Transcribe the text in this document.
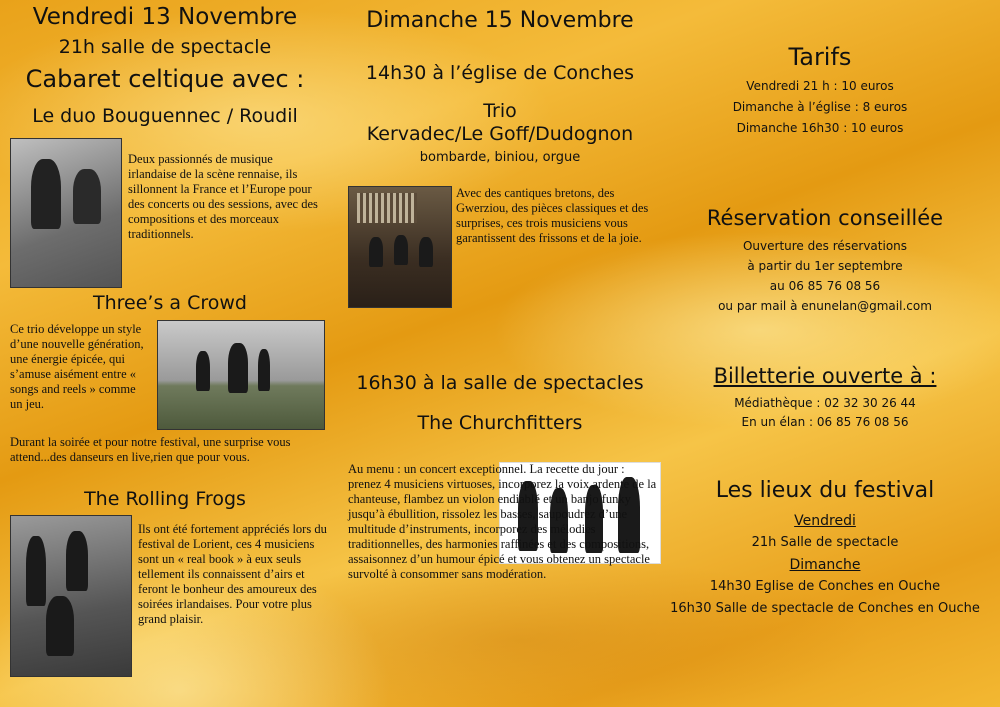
Vendredi 13 Novembre
21h salle de spectacle
Cabaret celtique avec :
Le duo Bouguennec / Roudil

Deux passionnés de musique irlandaise de la scène rennaise, ils sillonnent la France et l’Europe pour des concerts ou des sessions, avec des compositions et des morceaux traditionnels.

Three’s a Crowd

Ce trio développe un style d’une nouvelle génération, une énergie épicée, qui s’amuse aisément entre « songs and reels » comme un jeu.

Durant la soirée et pour notre festival, une surprise vous attend...des danseurs en live,rien que pour vous.

The Rolling Frogs

Ils ont été fortement appréciés lors du festival de Lorient, ces 4 musiciens sont un « real book » à eux seuls tellement ils connaissent d’airs et feront le bonheur des amoureux des soirées irlandaises. Pour votre plus grand plaisir.

Dimanche 15 Novembre
14h30 à l’église de Conches
Trio
Kervadec/Le Goff/Dudognon
bombarde, biniou, orgue

Avec des cantiques bretons, des Gwerziou, des pièces classiques et des surprises, ces trois musiciens vous garantissent des frissons et de la joie.

16h30 à la salle de spectacles
The Churchfitters

Au menu : un concert exceptionnel. La recette du jour : prenez 4 musiciens virtuoses, incorporez la voix ardente de la chanteuse, flambez un violon endiablé et un banjo funky jusqu’à ébullition, rissolez les basses, saupoudrez d’une multitude d’instruments, incorporez des mélodies traditionnelles, des harmonies raffinées et des compositions, assaisonnez d’un humour épicé et vous obtenez un spectacle survolté à consommer sans modération.

Tarifs
Vendredi 21 h : 10 euros
Dimanche à l’église : 8 euros
Dimanche 16h30 : 10 euros
Réservation conseillée
Ouverture des réservations
à partir du 1er septembre
au 06 85 76 08 56
ou par mail à enunelan@gmail.com
Billetterie ouverte à :
Médiathèque : 02 32 30 26 44
En un élan : 06 85 76 08 56
Les lieux du festival
Vendredi
21h Salle de spectacle
Dimanche
14h30 Eglise de Conches en Ouche
16h30 Salle de spectacle de Conches en Ouche
